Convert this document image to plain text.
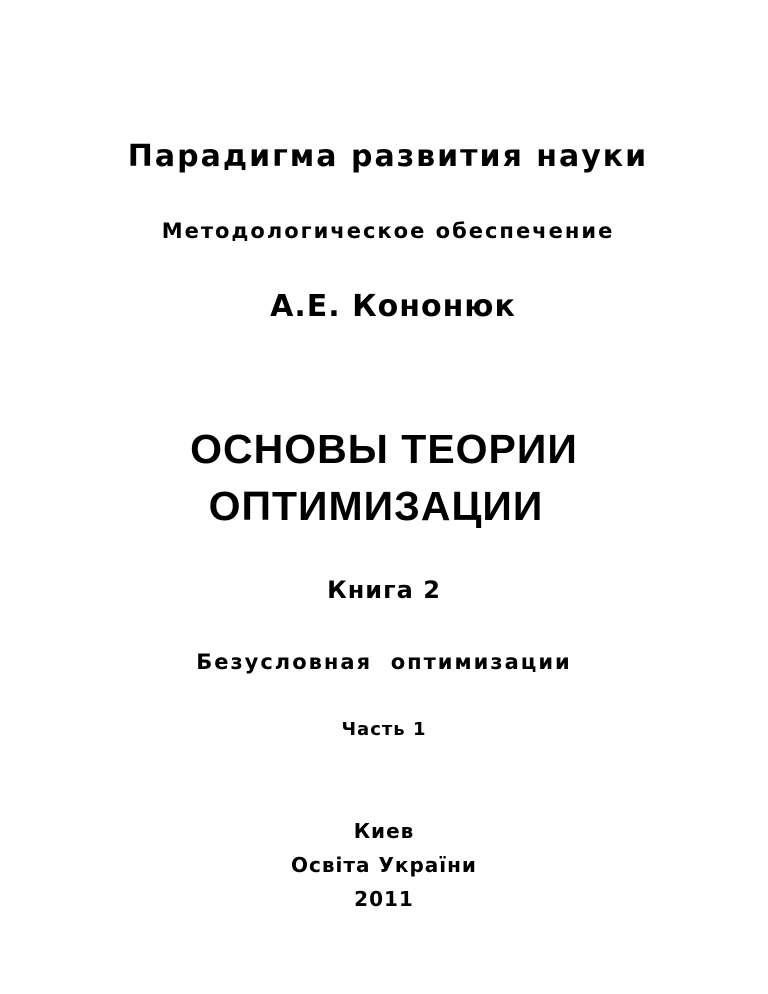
Парадигма развития науки
Методологическое обеспечение
А.Е. Кононюк
ОСНОВЫ ТЕОРИИ
ОПТИМИЗАЦИИ
Книга 2
Безусловная  оптимизации
Часть 1
Киев
Освіта України
2011
